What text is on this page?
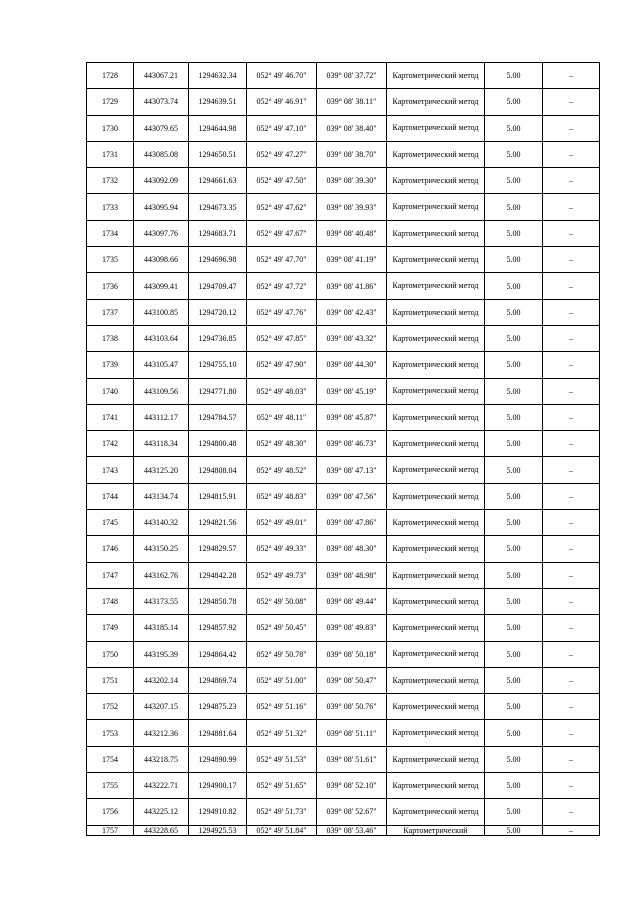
1728	443067.21	1294632.34	052° 49' 46.70"	039° 08' 37.72"	Картометрический метод	5.00	–
1729	443073.74	1294639.51	052° 49' 46.91"	039° 08' 38.11"	Картометрический метод	5.00	–
1730	443079.65	1294644.98	052° 49' 47.10"	039° 08' 38.40"	Картометрический метод	5.00	–
1731	443085.08	1294650.51	052° 49' 47.27"	039° 08' 38.70"	Картометрический метод	5.00	–
1732	443092.09	1294661.63	052° 49' 47.50"	039° 08' 39.30"	Картометрический метод	5.00	–
1733	443095.94	1294673.35	052° 49' 47.62"	039° 08' 39.93"	Картометрический метод	5.00	–
1734	443097.76	1294683.71	052° 49' 47.67"	039° 08' 40.48"	Картометрический метод	5.00	–
1735	443098.66	1294696.98	052° 49' 47.70"	039° 08' 41.19"	Картометрический метод	5.00	–
1736	443099.41	1294709.47	052° 49' 47.72"	039° 08' 41.86"	Картометрический метод	5.00	–
1737	443100.85	1294720.12	052° 49' 47.76"	039° 08' 42.43"	Картометрический метод	5.00	–
1738	443103.64	1294736.85	052° 49' 47.85"	039° 08' 43.32"	Картометрический метод	5.00	–
1739	443105.47	1294755.10	052° 49' 47.90"	039° 08' 44.30"	Картометрический метод	5.00	–
1740	443109.56	1294771.80	052° 49' 48.03"	039° 08' 45.19"	Картометрический метод	5.00	–
1741	443112.17	1294784.57	052° 49' 48.11"	039° 08' 45.87"	Картометрический метод	5.00	–
1742	443118.34	1294800.48	052° 49' 48.30"	039° 08' 46.73"	Картометрический метод	5.00	–
1743	443125.20	1294808.04	052° 49' 48.52"	039° 08' 47.13"	Картометрический метод	5.00	–
1744	443134.74	1294815.91	052° 49' 48.83"	039° 08' 47.56"	Картометрический метод	5.00	–
1745	443140.32	1294821.56	052° 49' 49.01"	039° 08' 47.86"	Картометрический метод	5.00	–
1746	443150.25	1294829.57	052° 49' 49.33"	039° 08' 48.30"	Картометрический метод	5.00	–
1747	443162.76	1294842.28	052° 49' 49.73"	039° 08' 48.98"	Картометрический метод	5.00	–
1748	443173.55	1294850.78	052° 49' 50.08"	039° 08' 49.44"	Картометрический метод	5.00	–
1749	443185.14	1294857.92	052° 49' 50.45"	039° 08' 49.83"	Картометрический метод	5.00	–
1750	443195.39	1294864.42	052° 49' 50.78"	039° 08' 50.18"	Картометрический метод	5.00	–
1751	443202.14	1294869.74	052° 49' 51.00"	039° 08' 50.47"	Картометрический метод	5.00	–
1752	443207.15	1294875.23	052° 49' 51.16"	039° 08' 50.76"	Картометрический метод	5.00	–
1753	443212.36	1294881.64	052° 49' 51.32"	039° 08' 51.11"	Картометрический метод	5.00	–
1754	443218.75	1294890.99	052° 49' 51.53"	039° 08' 51.61"	Картометрический метод	5.00	–
1755	443222.71	1294900.17	052° 49' 51.65"	039° 08' 52.10"	Картометрический метод	5.00	–
1756	443225.12	1294910.82	052° 49' 51.73"	039° 08' 52.67"	Картометрический метод	5.00	–
1757	443228.65	1294925.53	052° 49' 51.84"	039° 08' 53.46"	Картометрический	5.00	–
